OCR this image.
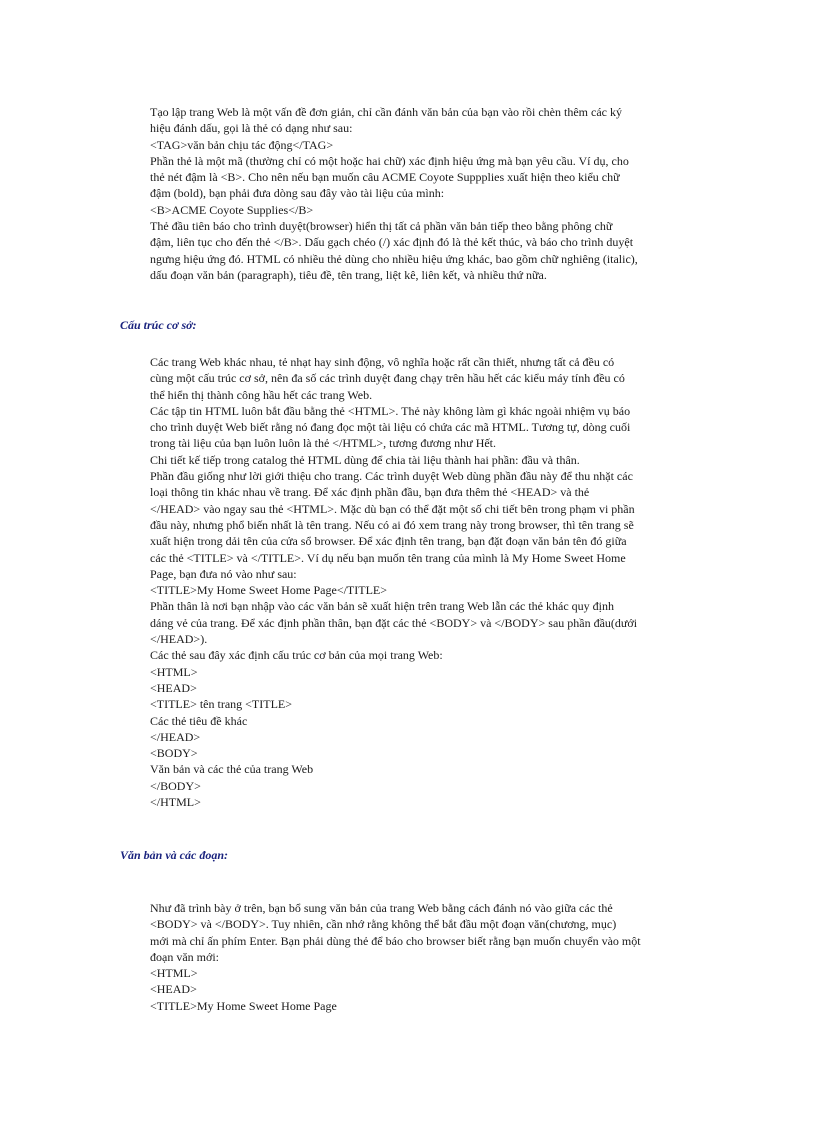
Tạo lập trang Web là một vấn đề đơn giản, chỉ cần đánh văn bản của bạn vào rồi chèn thêm các ký
hiệu đánh dấu, gọi là thẻ có dạng như sau:
<TAG>văn bản chịu tác động</TAG>
Phần thẻ là một mã (thường chỉ có một hoặc hai chữ) xác định hiệu ứng mà bạn yêu cầu. Ví dụ, cho
thẻ nét đậm là <B>. Cho nên nếu bạn muốn câu ACME Coyote Suppplies xuất hiện theo kiểu chữ
đậm (bold), bạn phải đưa dòng sau đây vào tài liệu của mình:
<B>ACME Coyote Supplies</B>
Thẻ đầu tiên báo cho trình duyệt(browser) hiển thị tất cả phần văn bản tiếp theo bằng phông chữ
đậm, liên tục cho đến thẻ </B>. Dấu gạch chéo (/) xác định đó là thẻ kết thúc, và báo cho trình duyệt
ngưng hiệu ứng đó. HTML có nhiều thẻ dùng cho nhiều hiệu ứng khác, bao gồm chữ nghiêng (italic),
dấu đoạn văn bản (paragraph), tiêu đề, tên trang, liệt kê, liên kết, và nhiều thứ nữa.
Cấu trúc cơ sở:
Các trang Web khác nhau, tẻ nhạt hay sinh động, vô nghĩa hoặc rất cần thiết, nhưng tất cả đều có
cùng một cấu trúc cơ sở, nên đa số các trình duyệt đang chạy trên hầu hết các kiểu máy tính đều có
thể hiển thị thành công hầu hết các trang Web.
Các tập tin HTML luôn bắt đầu bằng thẻ <HTML>. Thẻ này không làm gì khác ngoài nhiệm vụ báo
cho trình duyệt Web biết rằng nó đang đọc một tài liệu có chứa các mã HTML. Tương tự, dòng cuối
trong tài liệu của bạn luôn luôn là thẻ </HTML>, tương đương như Hết.
Chi tiết kế tiếp trong catalog thẻ HTML dùng để chia tài liệu thành hai phần: đầu và thân.
Phần đầu giống như lời giới thiệu cho trang. Các trình duyệt Web dùng phần đầu này để thu nhặt các
loại thông tin khác nhau về trang. Để xác định phần đầu, bạn đưa thêm thẻ <HEAD> và thẻ
</HEAD> vào ngay sau thẻ <HTML>. Mặc dù bạn có thể đặt một số chi tiết bên trong phạm vi phần
đầu này, nhưng phổ biến nhất là tên trang. Nếu có ai đó xem trang này trong browser, thì tên trang sẽ
xuất hiện trong dải tên của cửa sổ browser. Để xác định tên trang, bạn đặt đoạn văn bản tên đó giữa
các thẻ <TITLE> và </TITLE>. Ví dụ nếu bạn muốn tên trang của mình là My Home Sweet Home
Page, bạn đưa nó vào như sau:
<TITLE>My Home Sweet Home Page</TITLE>
Phần thân là nơi bạn nhập vào các văn bản sẽ xuất hiện trên trang Web lẫn các thẻ khác quy định
dáng vẻ của trang. Để xác định phần thân, bạn đặt các thẻ <BODY> và </BODY> sau phần đầu(dưới
</HEAD>).
Các thẻ sau đây xác định cấu trúc cơ bản của mọi trang Web:
<HTML>
<HEAD>
<TITLE> tên trang <TITLE>
Các thẻ tiêu đề khác
</HEAD>
<BODY>
Văn bản và các thẻ của trang Web
</BODY>
</HTML>
Văn bản và các đoạn:
Như đã trình bày ở trên, bạn bổ sung văn bản của trang Web bằng cách đánh nó vào giữa các thẻ
<BODY> và </BODY>. Tuy nhiên, cần nhớ rằng không thể bắt đầu một đoạn văn(chương, mục)
mới mà chỉ ấn phím Enter. Bạn phải dùng thẻ để báo cho browser biết rằng bạn muốn chuyển vào một
đoạn văn mới:
<HTML>
<HEAD>
<TITLE>My Home Sweet Home Page
